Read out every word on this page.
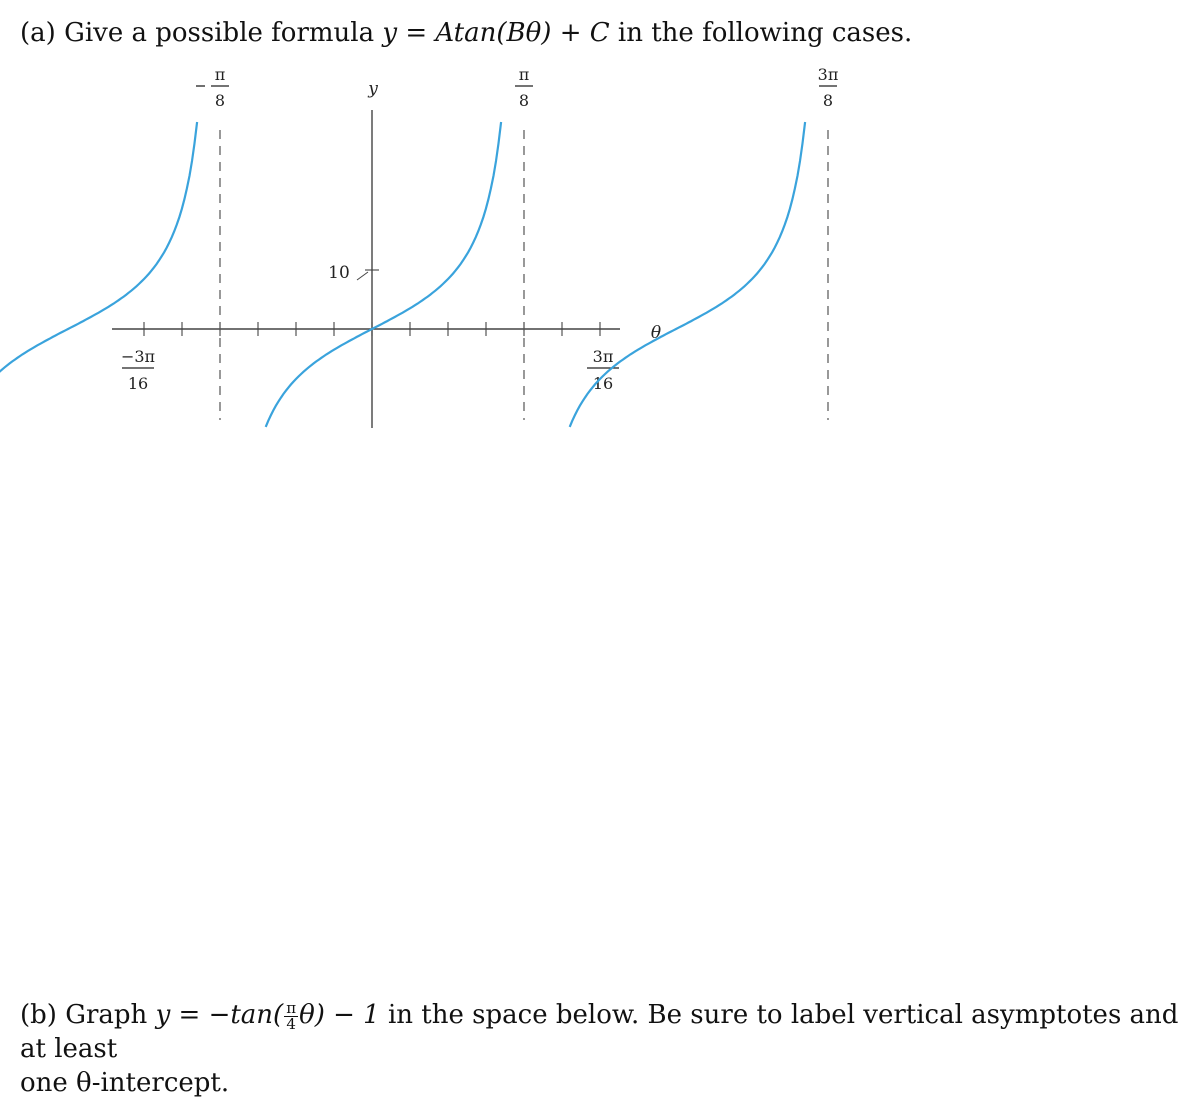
(a) Give a possible formula y = Atan(Bθ) + C in the following cases.
θ
y
10
π
8
π
8
3π
8
−3π
16
3π
16
(b) Graph $y = -\tan( \frac{\pi}{4} \theta) - 1$ in the space below. Be sure to label vertical asymptotes and at least
one θ-intercept.
